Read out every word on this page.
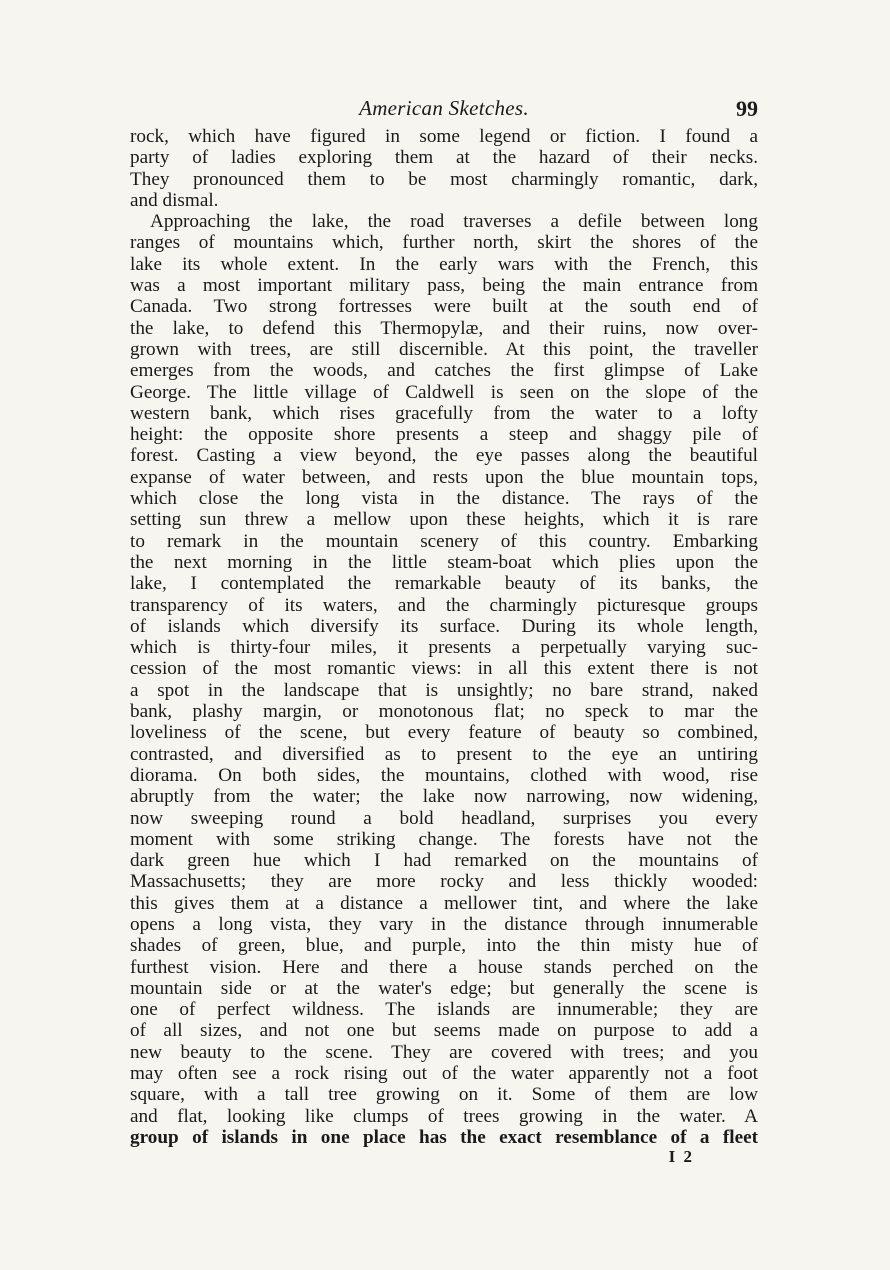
American Sketches.	99
rock, which have figured in some legend or fiction. I found a
party of ladies exploring them at the hazard of their necks.
They pronounced them to be most charmingly romantic, dark,
and dismal.
Approaching the lake, the road traverses a defile between long
ranges of mountains which, further north, skirt the shores of the
lake its whole extent. In the early wars with the French, this
was a most important military pass, being the main entrance from
Canada. Two strong fortresses were built at the south end of
the lake, to defend this Thermopylæ, and their ruins, now over-
grown with trees, are still discernible. At this point, the traveller
emerges from the woods, and catches the first glimpse of Lake
George. The little village of Caldwell is seen on the slope of the
western bank, which rises gracefully from the water to a lofty
height: the opposite shore presents a steep and shaggy pile of
forest. Casting a view beyond, the eye passes along the beautiful
expanse of water between, and rests upon the blue mountain tops,
which close the long vista in the distance. The rays of the
setting sun threw a mellow upon these heights, which it is rare
to remark in the mountain scenery of this country. Embarking
the next morning in the little steam-boat which plies upon the
lake, I contemplated the remarkable beauty of its banks, the
transparency of its waters, and the charmingly picturesque groups
of islands which diversify its surface. During its whole length,
which is thirty-four miles, it presents a perpetually varying suc-
cession of the most romantic views: in all this extent there is not
a spot in the landscape that is unsightly; no bare strand, naked
bank, plashy margin, or monotonous flat; no speck to mar the
loveliness of the scene, but every feature of beauty so combined,
contrasted, and diversified as to present to the eye an untiring
diorama. On both sides, the mountains, clothed with wood, rise
abruptly from the water; the lake now narrowing, now widening,
now sweeping round a bold headland, surprises you every
moment with some striking change. The forests have not the
dark green hue which I had remarked on the mountains of
Massachusetts; they are more rocky and less thickly wooded:
this gives them at a distance a mellower tint, and where the lake
opens a long vista, they vary in the distance through innumerable
shades of green, blue, and purple, into the thin misty hue of
furthest vision. Here and there a house stands perched on the
mountain side or at the water's edge; but generally the scene is
one of perfect wildness. The islands are innumerable; they are
of all sizes, and not one but seems made on purpose to add a
new beauty to the scene. They are covered with trees; and you
may often see a rock rising out of the water apparently not a foot
square, with a tall tree growing on it. Some of them are low
and flat, looking like clumps of trees growing in the water. A
group of islands in one place has the exact resemblance of a fleet
I 2
